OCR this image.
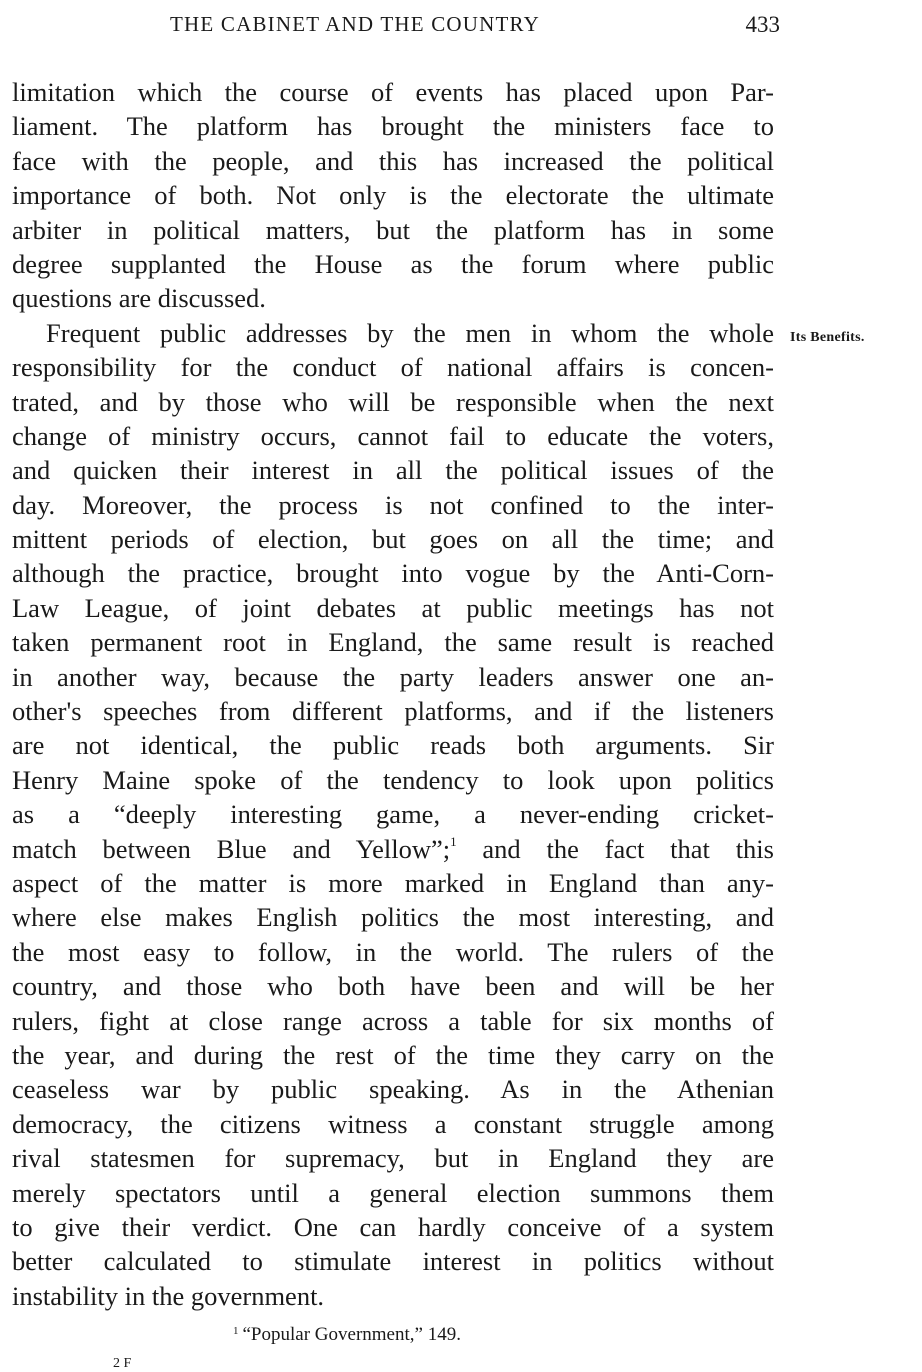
THE CABINET AND THE COUNTRY	433
Its Benefits.
limitation which the course of events has placed upon Par-
liament. The platform has brought the ministers face to
face with the people, and this has increased the political
importance of both. Not only is the electorate the ultimate
arbiter in political matters, but the platform has in some
degree supplanted the House as the forum where public
questions are discussed.
Frequent public addresses by the men in whom the whole
responsibility for the conduct of national affairs is concen-
trated, and by those who will be responsible when the next
change of ministry occurs, cannot fail to educate the voters,
and quicken their interest in all the political issues of the
day. Moreover, the process is not confined to the inter-
mittent periods of election, but goes on all the time; and
although the practice, brought into vogue by the Anti-Corn-
Law League, of joint debates at public meetings has not
taken permanent root in England, the same result is reached
in another way, because the party leaders answer one an-
other's speeches from different platforms, and if the listeners
are not identical, the public reads both arguments. Sir
Henry Maine spoke of the tendency to look upon politics
as a “deeply interesting game, a never-ending cricket-
match between Blue and Yellow”;$^1$ and the fact that this
aspect of the matter is more marked in England than any-
where else makes English politics the most interesting, and
the most easy to follow, in the world. The rulers of the
country, and those who both have been and will be her
rulers, fight at close range across a table for six months of
the year, and during the rest of the time they carry on the
ceaseless war by public speaking. As in the Athenian
democracy, the citizens witness a constant struggle among
rival statesmen for supremacy, but in England they are
merely spectators until a general election summons them
to give their verdict. One can hardly conceive of a system
better calculated to stimulate interest in politics without
instability in the government.
$^1$ “Popular Government,” 149.
2 F
